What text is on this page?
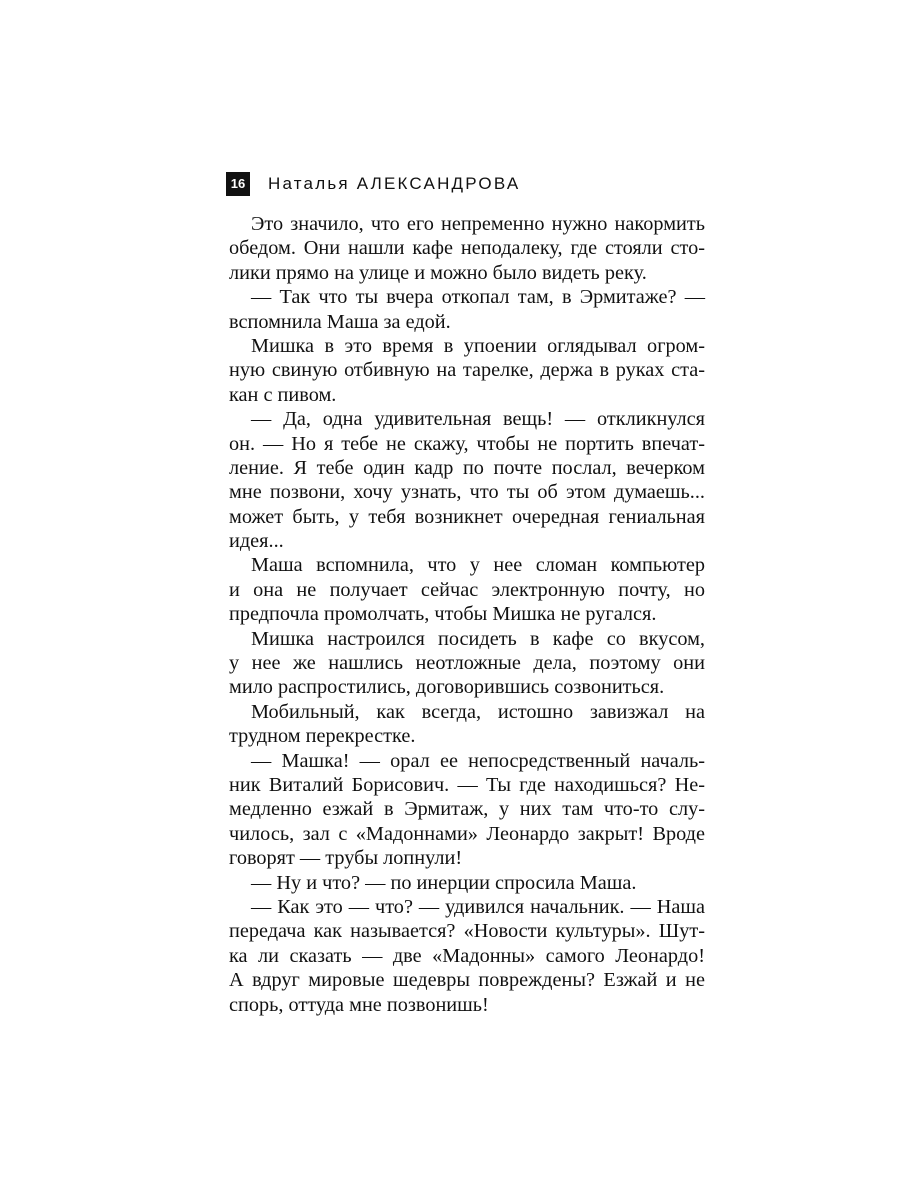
16 Наталья АЛЕКСАНДРОВА
Это значило, что его непременно нужно накормить
обедом. Они нашли кафе неподалеку, где стояли сто-
лики прямо на улице и можно было видеть реку.
— Так что ты вчера откопал там, в Эрмитаже? —
вспомнила Маша за едой.
Мишка в это время в упоении оглядывал огром-
ную свиную отбивную на тарелке, держа в руках ста-
кан с пивом.
— Да, одна удивительная вещь! — откликнулся
он. — Но я тебе не скажу, чтобы не портить впечат-
ление. Я тебе один кадр по почте послал, вечерком
мне позвони, хочу узнать, что ты об этом думаешь...
может быть, у тебя возникнет очередная гениальная
идея...
Маша вспомнила, что у нее сломан компьютер
и она не получает сейчас электронную почту, но
предпочла промолчать, чтобы Мишка не ругался.
Мишка настроился посидеть в кафе со вкусом,
у нее же нашлись неотложные дела, поэтому они
мило распростились, договорившись созвониться.
Мобильный, как всегда, истошно завизжал на
трудном перекрестке.
— Машка! — орал ее непосредственный началь-
ник Виталий Борисович. — Ты где находишься? Не-
медленно езжай в Эрмитаж, у них там что-то слу-
чилось, зал с «Мадоннами» Леонардо закрыт! Вроде
говорят — трубы лопнули!
— Ну и что? — по инерции спросила Маша.
— Как это — что? — удивился начальник. — Наша
передача как называется? «Новости культуры». Шут-
ка ли сказать — две «Мадонны» самого Леонардо!
А вдруг мировые шедевры повреждены? Езжай и не
спорь, оттуда мне позвонишь!
